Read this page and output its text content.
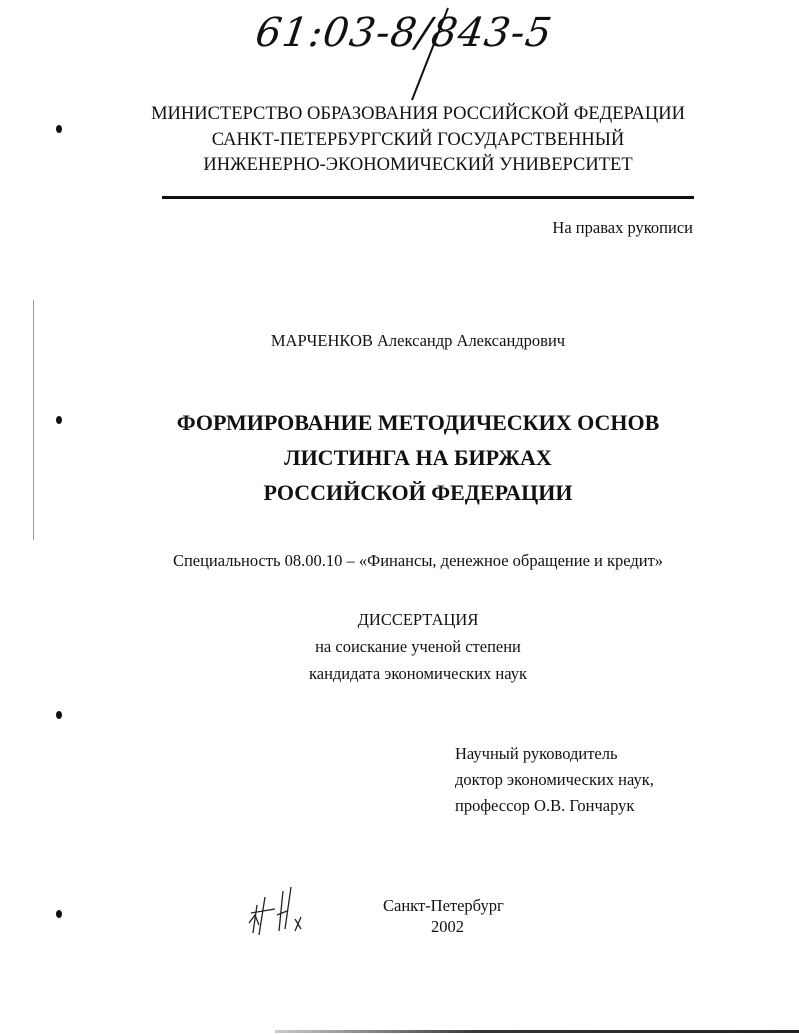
61:03-8/843-5
МИНИСТЕРСТВО ОБРАЗОВАНИЯ РОССИЙСКОЙ ФЕДЕРАЦИИ
САНКТ-ПЕТЕРБУРГСКИЙ ГОСУДАРСТВЕННЫЙ
ИНЖЕНЕРНО-ЭКОНОМИЧЕСКИЙ УНИВЕРСИТЕТ
На правах рукописи
МАРЧЕНКОВ Александр Александрович
ФОРМИРОВАНИЕ МЕТОДИЧЕСКИХ ОСНОВ
ЛИСТИНГА НА БИРЖАХ
РОССИЙСКОЙ ФЕДЕРАЦИИ
Специальность 08.00.10 – «Финансы, денежное обращение и кредит»
ДИССЕРТАЦИЯ
на соискание ученой степени
кандидата экономических наук
Научный руководитель
доктор экономических наук,
профессор О.В. Гончарук
Санкт-Петербург
2002
